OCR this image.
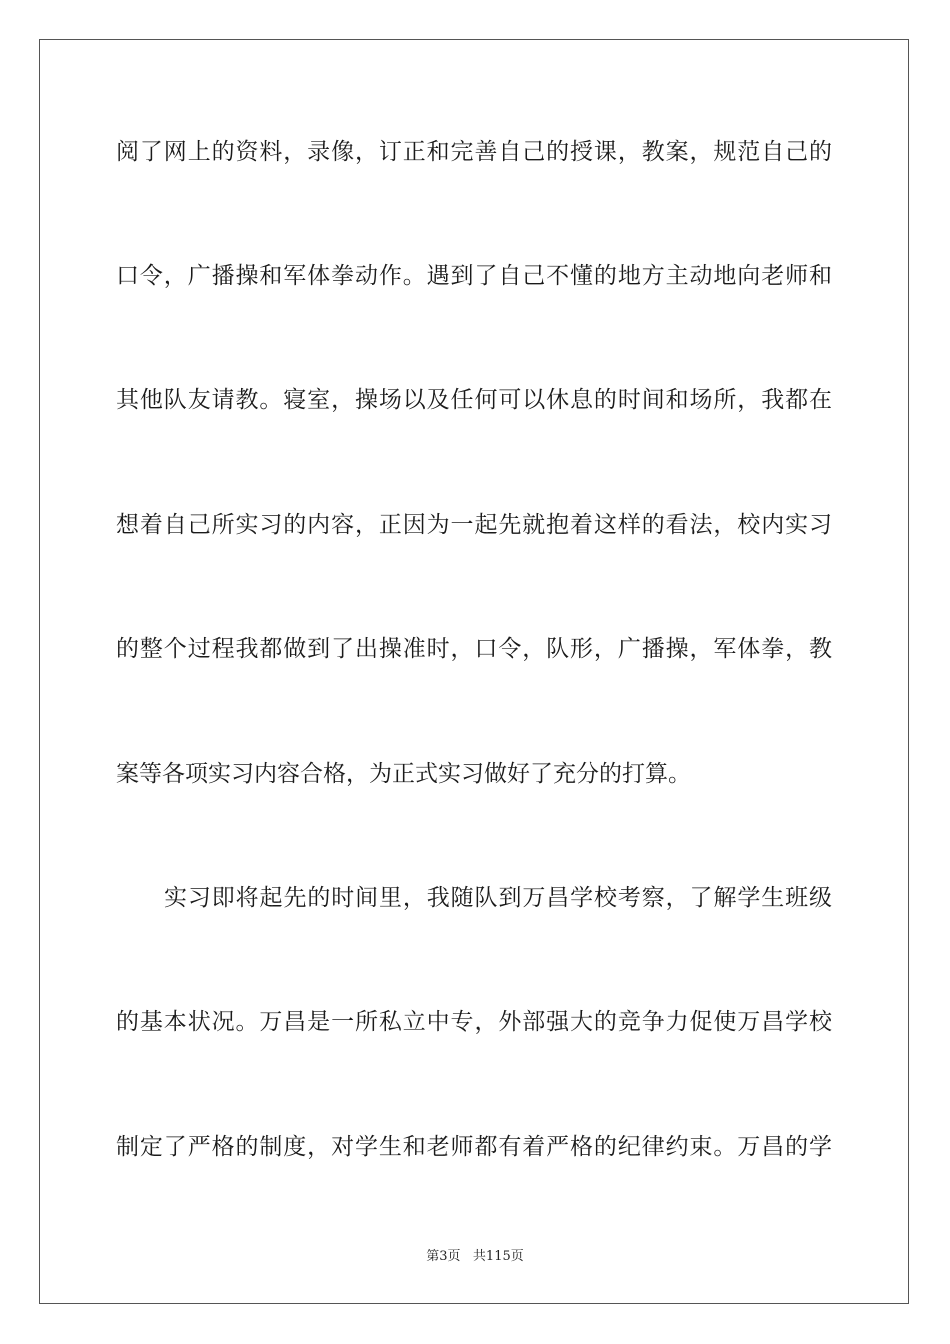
阅了网上的资料，录像，订正和完善自己的授课，教案，规范自己的
口令，广播操和军体拳动作。遇到了自己不懂的地方主动地向老师和
其他队友请教。寝室，操场以及任何可以休息的时间和场所，我都在
想着自己所实习的内容，正因为一起先就抱着这样的看法，校内实习
的整个过程我都做到了出操准时，口令，队形，广播操，军体拳，教
案等各项实习内容合格，为正式实习做好了充分的打算。
实习即将起先的时间里，我随队到万昌学校考察，了解学生班级
的基本状况。万昌是一所私立中专，外部强大的竞争力促使万昌学校
制定了严格的制度，对学生和老师都有着严格的纪律约束。万昌的学
第3页 共115页
